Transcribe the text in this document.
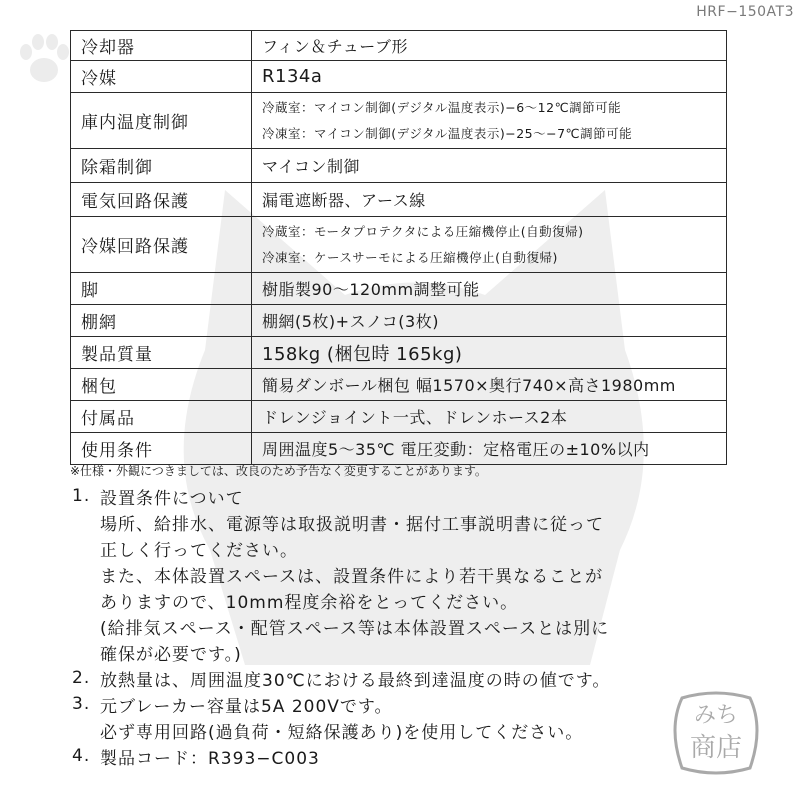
HRF−150AT3
冷却器	フィン＆チューブ形
冷媒	R134a
庫内温度制御	冷蔵室：マイコン制御(デジタル温度表示)−6〜12℃調節可能
冷凍室：マイコン制御(デジタル温度表示)−25〜−7℃調節可能

除霜制御	マイコン制御
電気回路保護	漏電遮断器、アース線
冷媒回路保護	冷蔵室：モータプロテクタによる圧縮機停止(自動復帰)
冷凍室：ケースサーモによる圧縮機停止(自動復帰)

脚	樹脂製90〜120mm調整可能
棚網	棚網(5枚)+スノコ(3枚)
製品質量	158kg (梱包時 165kg)
梱包	簡易ダンボール梱包 幅1570×奥行740×高さ1980mm
付属品	ドレンジョイント一式、ドレンホース2本
使用条件	周囲温度5〜35℃ 電圧変動：定格電圧の±10%以内
※仕様・外観につきましては、改良のため予告なく変更することがあります。
1. 設置条件について
場所、給排水、電源等は取扱説明書・据付工事説明書に従って
正しく行ってください。
また、本体設置スペースは、設置条件により若干異なることが
ありますので、10mm程度余裕をとってください。
(給排気スペース・配管スペース等は本体設置スペースとは別に
確保が必要です。)
2. 放熱量は、周囲温度30℃における最終到達温度の時の値です。
3. 元ブレーカー容量は5A 200Vです。
必ず専用回路(過負荷・短絡保護あり)を使用してください。
4. 製品コード：R393−C003
みち
商店
